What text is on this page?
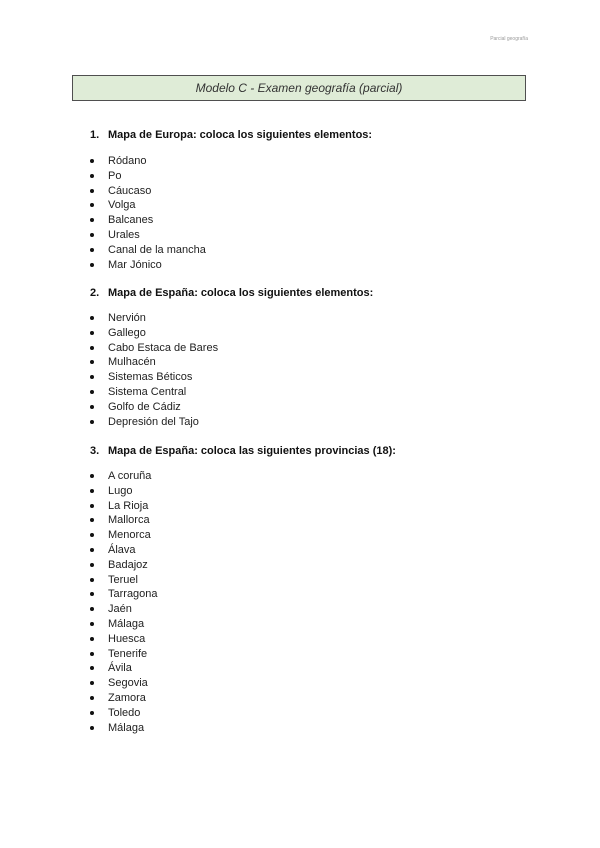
Parcial geografía
Modelo C - Examen geografía (parcial)

1. Mapa de Europa: coloca los siguientes elementos:

Ródano
Po
Cáucaso
Volga
Balcanes
Urales
Canal de la mancha
Mar Jónico

2. Mapa de España: coloca los siguientes elementos:

Nervión
Gallego
Cabo Estaca de Bares
Mulhacén
Sistemas Béticos
Sistema Central
Golfo de Cádiz
Depresión del Tajo

3. Mapa de España: coloca las siguientes provincias (18):

A coruña
Lugo
La Rioja
Mallorca
Menorca
Álava
Badajoz
Teruel
Tarragona
Jaén
Málaga
Huesca
Tenerife
Ávila
Segovia
Zamora
Toledo
Málaga
